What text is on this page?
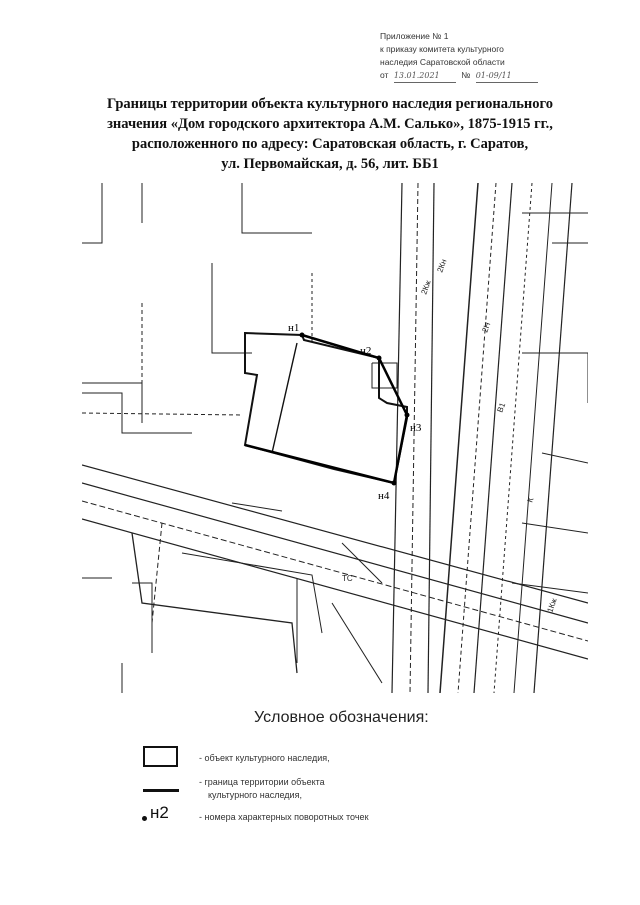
Приложение № 1
к приказу комитета культурного
наследия Саратовской области
от 13.01.2021	№ 01-09/11
Границы территории объекта культурного наследия регионального
значения «Дом городского архитектора А.М. Салько», 1875-1915 гг.,
расположенного по адресу: Саратовская область, г. Саратов,
ул. Первомайская, д. 56, лит. ББ1
н1
н2
н3
н4
2Кж
2Кн
2Н
В1
К
ТС
1Кж
Условное обозначения:
- объект культурного наследия,
- граница территории объекта
культурного наследия,
н2	- номера характерных поворотных точек
